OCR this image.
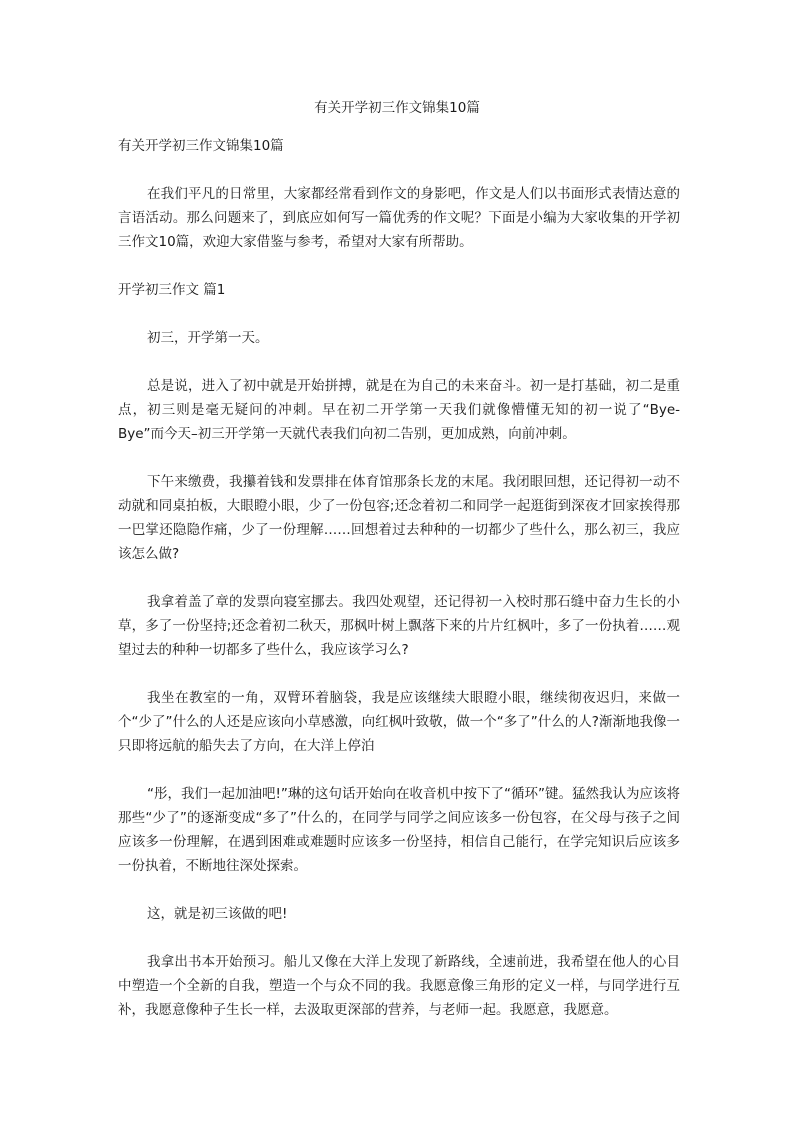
有关开学初三作文锦集10篇

有关开学初三作文锦集10篇

在我们平凡的日常里，大家都经常看到作文的身影吧，作文是人们以书面形式表情达意的言语活动。那么问题来了，到底应如何写一篇优秀的作文呢？下面是小编为大家收集的开学初三作文10篇，欢迎大家借鉴与参考，希望对大家有所帮助。

开学初三作文 篇1

初三，开学第一天。

总是说，进入了初中就是开始拼搏，就是在为自己的未来奋斗。初一是打基础，初二是重点，初三则是毫无疑问的冲刺。早在初二开学第一天我们就像懵懂无知的初一说了“Bye-Bye”而今天–初三开学第一天就代表我们向初二告别，更加成熟，向前冲刺。

下午来缴费，我攥着钱和发票排在体育馆那条长龙的末尾。我闭眼回想，还记得初一动不动就和同桌拍板，大眼瞪小眼，少了一份包容;还念着初二和同学一起逛街到深夜才回家挨得那一巴掌还隐隐作痛，少了一份理解……回想着过去种种的一切都少了些什么，那么初三，我应该怎么做?

我拿着盖了章的发票向寝室挪去。我四处观望，还记得初一入校时那石缝中奋力生长的小草，多了一份坚持;还念着初二秋天，那枫叶树上飘落下来的片片红枫叶，多了一份执着……观望过去的种种一切都多了些什么，我应该学习么?

我坐在教室的一角，双臂环着脑袋，我是应该继续大眼瞪小眼，继续彻夜迟归，来做一个“少了”什么的人还是应该向小草感激，向红枫叶致敬，做一个“多了”什么的人?渐渐地我像一只即将远航的船失去了方向，在大洋上停泊

“彤，我们一起加油吧!”琳的这句话开始向在收音机中按下了“循环”键。猛然我认为应该将那些“少了”的逐渐变成“多了”什么的，在同学与同学之间应该多一份包容，在父母与孩子之间应该多一份理解，在遇到困难或难题时应该多一份坚持，相信自己能行，在学完知识后应该多一份执着，不断地往深处探索。

这，就是初三该做的吧!

我拿出书本开始预习。船儿又像在大洋上发现了新路线，全速前进，我希望在他人的心目中塑造一个全新的自我，塑造一个与众不同的我。我愿意像三角形的定义一样，与同学进行互补，我愿意像种子生长一样，去汲取更深部的营养，与老师一起。我愿意，我愿意。
